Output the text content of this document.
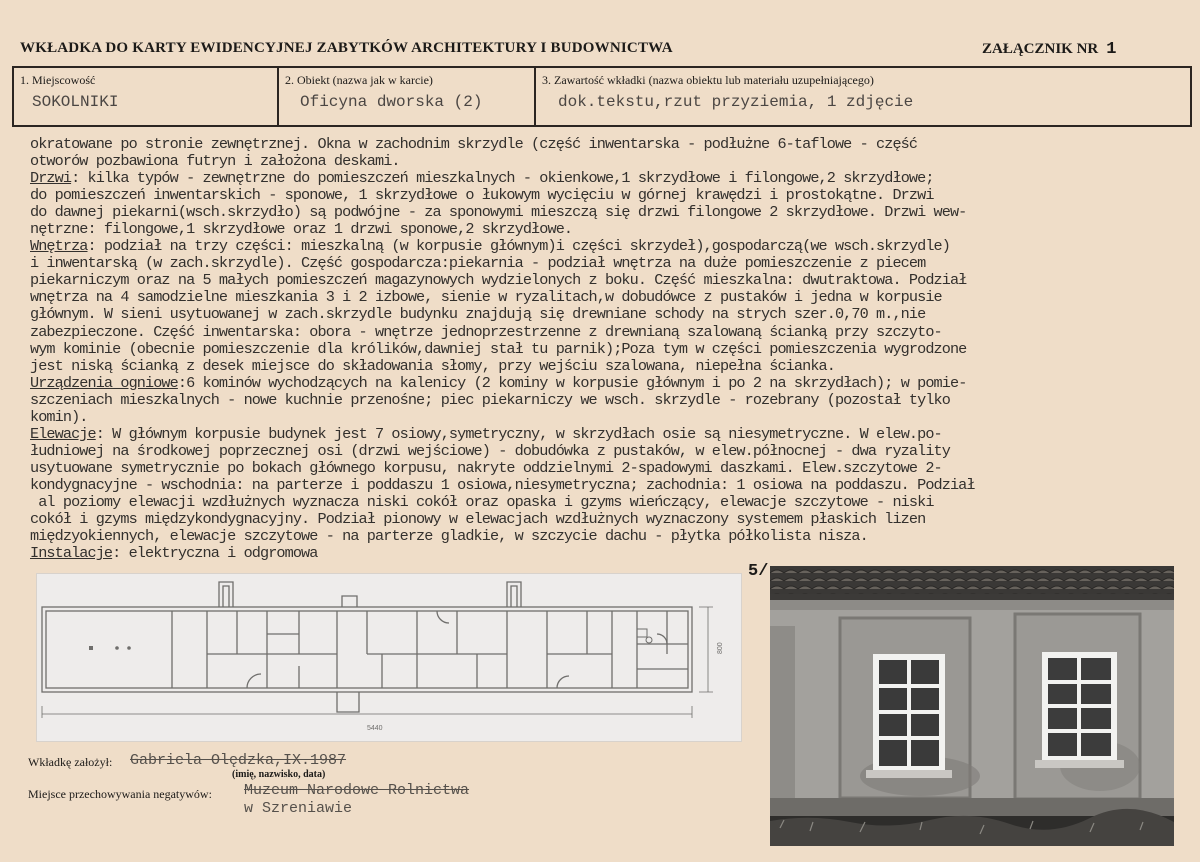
WKŁADKA DO KARTY EWIDENCYJNEJ ZABYTKÓW ARCHITEKTURY I BUDOWNICTWA	ZAŁĄCZNIK NR 1
1. Miejscowość
SOKOLNIKI
2. Obiekt (nazwa jak w karcie)
Oficyna dworska (2)
3. Zawartość wkładki (nazwa obiektu lub materiału uzupełniającego)
dok.tekstu,rzut przyziemia, 1 zdjęcie
okratowane po stronie zewnętrznej. Okna w zachodnim skrzydle (część inwentarska - podłużne 6-taflowe - część
otworów pozbawiona futryn i założona deskami.
Drzwi: kilka typów - zewnętrzne do pomieszczeń mieszkalnych - okienkowe,1 skrzydłowe i filongowe,2 skrzydłowe;
do pomieszczeń inwentarskich - sponowe, 1 skrzydłowe o łukowym wycięciu w górnej krawędzi i prostokątne. Drzwi
do dawnej piekarni(wsch.skrzydło) są podwójne - za sponowymi mieszczą się drzwi filongowe 2 skrzydłowe. Drzwi wew-
nętrzne: filongowe,1 skrzydłowe oraz 1 drzwi sponowe,2 skrzydłowe.
Wnętrza: podział na trzy części: mieszkalną (w korpusie głównym)i części skrzydeł),gospodarczą(we wsch.skrzydle)
i inwentarską (w zach.skrzydle). Część gospodarcza:piekarnia - podział wnętrza na duże pomieszczenie z piecem
piekarniczym oraz na 5 małych pomieszczeń magazynowych wydzielonych z boku. Część mieszkalna: dwutraktowa. Podział
wnętrza na 4 samodzielne mieszkania 3 i 2 izbowe, sienie w ryzalitach,w dobudówce z pustaków i jedna w korpusie
głównym. W sieni usytuowanej w zach.skrzydle budynku znajdują się drewniane schody na strych szer.0,70 m.,nie
zabezpieczone. Część inwentarska: obora - wnętrze jednoprzestrzenne z drewnianą szalowaną ścianką przy szczyto-
wym kominie (obecnie pomieszczenie dla królików,dawniej stał tu parnik);Poza tym w części pomieszczenia wygrodzone
jest niską ścianką z desek miejsce do składowania słomy, przy wejściu szalowana, niepełna ścianka.
Urządzenia ogniowe:6 kominów wychodzących na kalenicy (2 kominy w korpusie głównym i po 2 na skrzydłach); w pomie-
szczeniach mieszkalnych - nowe kuchnie przenośne; piec piekarniczy we wsch. skrzydle - rozebrany (pozostał tylko
komin).
Elewacje: W głównym korpusie budynek jest 7 osiowy,symetryczny, w skrzydłach osie są niesymetryczne. W elew.po-
łudniowej na środkowej poprzecznej osi (drzwi wejściowe) - dobudówka z pustaków, w elew.północnej - dwa ryzality
usytuowane symetrycznie po bokach głównego korpusu, nakryte oddzielnymi 2-spadowymi daszkami. Elew.szczytowe 2-
kondygnacyjne - wschodnia: na parterze i poddaszu 1 osiowa,niesymetryczna; zachodnia: 1 osiowa na poddaszu. Podział
al poziomy elewacji wzdłużnych wyznacza niski cokół oraz opaska i gzyms wieńczący, elewacje szczytowe - niski
cokół i gzyms międzykondygnacyjny. Podział pionowy w elewacjach wzdłużnych wyznaczony systemem płaskich lizen
międzyokiennych, elewacje szczytowe - na parterze gladkie, w szczycie dachu - płytka półkolista nisza.
Instalacje: elektryczna i odgromowa
5440
800
5/
Wkładkę założył: Gabriela Olędzka,IX.1987
(imię, nazwisko, data)
Miejsce przechowywania negatywów: Muzeum Narodowe Rolnictwa
w Szreniawie
